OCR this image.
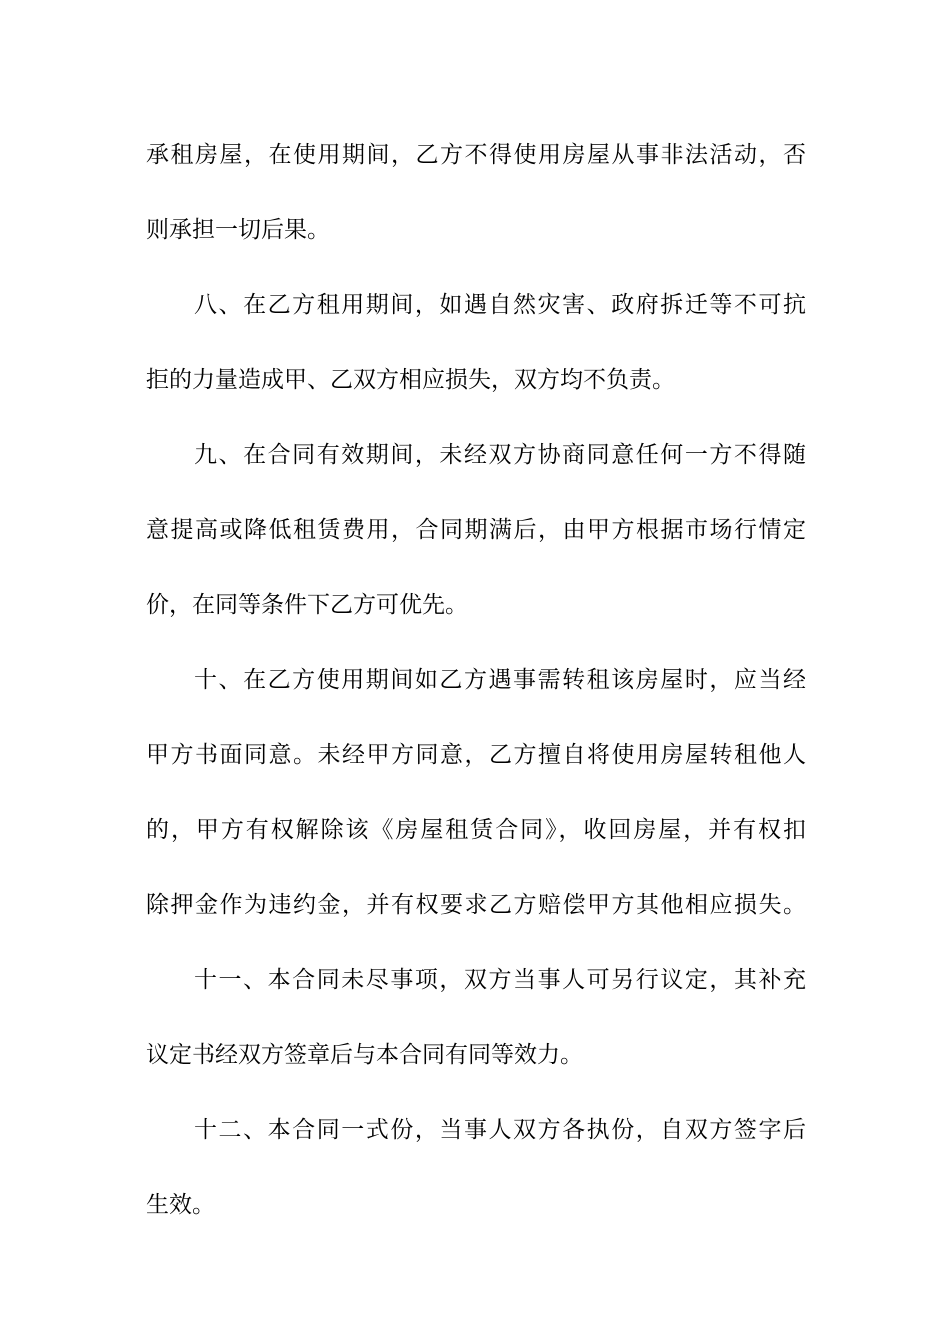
承租房屋，在使用期间，乙方不得使用房屋从事非法活动，否
则承担一切后果。
八、在乙方租用期间，如遇自然灾害、政府拆迁等不可抗
拒的力量造成甲、乙双方相应损失，双方均不负责。
九、在合同有效期间，未经双方协商同意任何一方不得随
意提高或降低租赁费用，合同期满后，由甲方根据市场行情定
价，在同等条件下乙方可优先。
十、在乙方使用期间如乙方遇事需转租该房屋时，应当经
甲方书面同意。未经甲方同意，乙方擅自将使用房屋转租他人
的，甲方有权解除该《房屋租赁合同》，收回房屋，并有权扣
除押金作为违约金，并有权要求乙方赔偿甲方其他相应损失。
十一、本合同未尽事项，双方当事人可另行议定，其补充
议定书经双方签章后与本合同有同等效力。
十二、本合同一式份，当事人双方各执份，自双方签字后
生效。
